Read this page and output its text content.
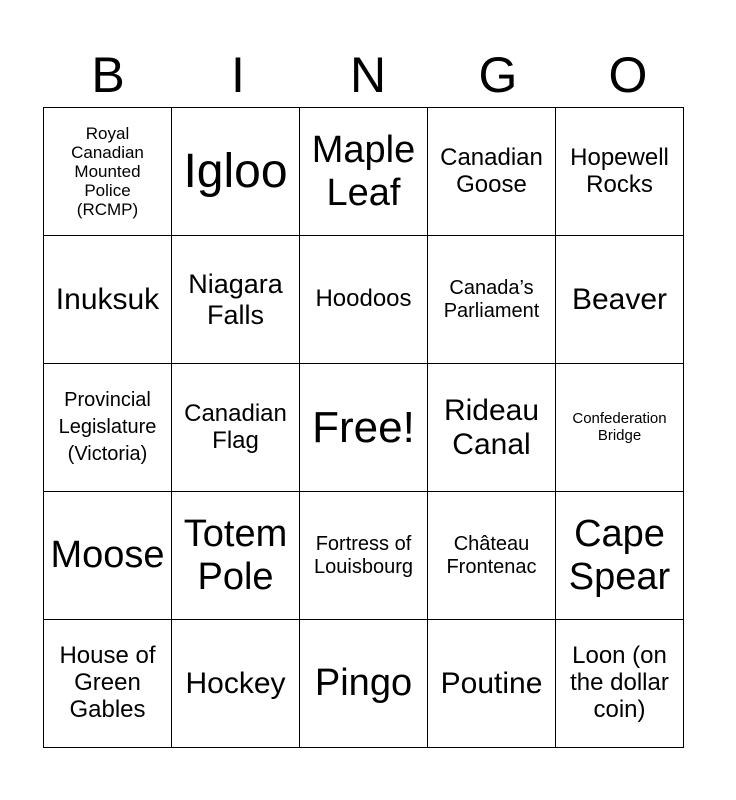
B	I	N	G	O
Royal Canadian Mounted Police (RCMP)	Igloo	Maple Leaf	Canadian Goose	Hopewell Rocks
Inuksuk	Niagara Falls	Hoodoos	Canada’s Parliament	Beaver
Provincial Legislature (Victoria)	Canadian Flag	Free!	Rideau Canal	Confederation Bridge
Moose	Totem Pole	Fortress of Louisbourg	Château Frontenac	Cape Spear
House of Green Gables	Hockey	Pingo	Poutine	Loon (on the dollar coin)
